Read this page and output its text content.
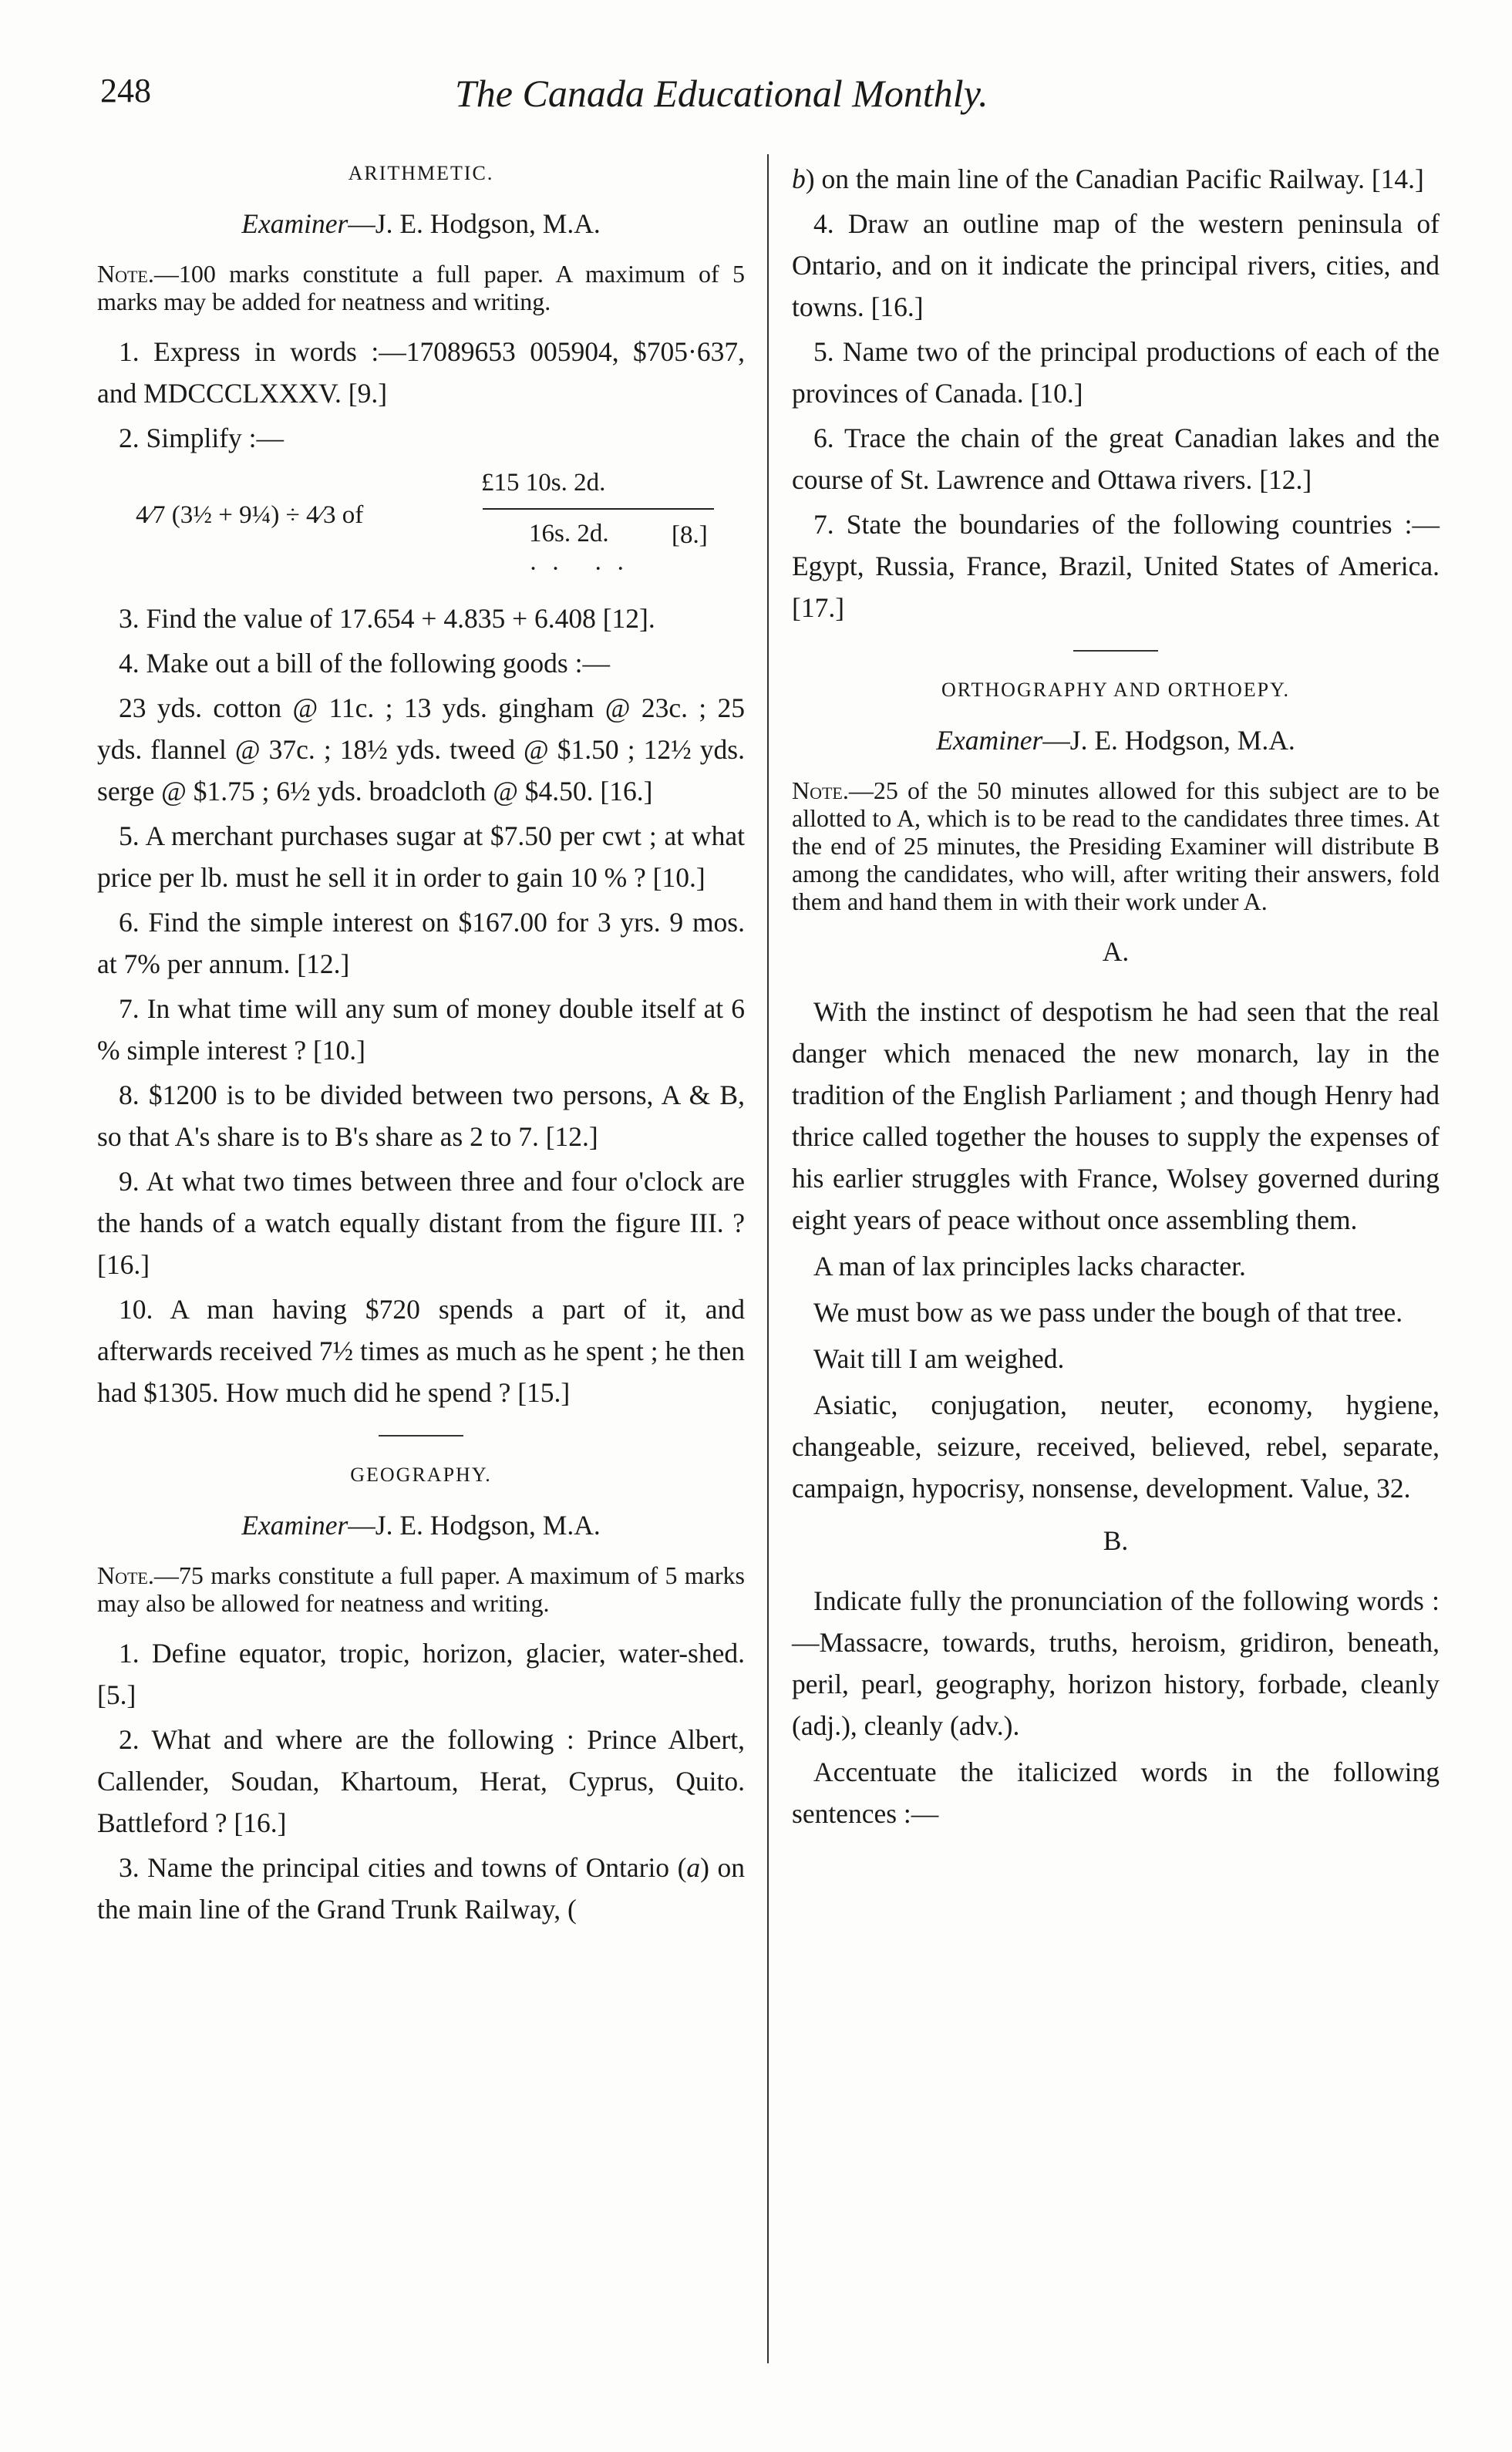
248	The Canada Educational Monthly.
ARITHMETIC.
Examiner—J. E. Hodgson, M.A.
Note.—100 marks constitute a full paper. A maximum of 5 marks may be added for neatness and writing.
1. Express in words :—17089653 005904, $705·637, and MDCCCLXXXV. [9.]
2. Simplify :—
4⁄7 (3½ + 9¼) ÷ 4⁄3 of
£15 10s. 2d.
16s. 2d. [8.]
·· ··
3. Find the value of 17.654 + 4.835 + 6.408 [12].
4. Make out a bill of the following goods :—
23 yds. cotton @ 11c. ; 13 yds. gingham @ 23c. ; 25 yds. flannel @ 37c. ; 18½ yds. tweed @ $1.50 ; 12½ yds. serge @ $1.75 ; 6½ yds. broadcloth @ $4.50. [16.]
5. A merchant purchases sugar at $7.50 per cwt ; at what price per lb. must he sell it in order to gain 10 % ? [10.]
6. Find the simple interest on $167.00 for 3 yrs. 9 mos. at 7% per annum. [12.]
7. In what time will any sum of money double itself at 6 % simple interest ? [10.]
8. $1200 is to be divided between two persons, A & B, so that A's share is to B's share as 2 to 7. [12.]
9. At what two times between three and four o'clock are the hands of a watch equally distant from the figure III. ? [16.]
10. A man having $720 spends a part of it, and afterwards received 7½ times as much as he spent ; he then had $1305. How much did he spend ? [15.]
GEOGRAPHY.
Examiner—J. E. Hodgson, M.A.
Note.—75 marks constitute a full paper. A maximum of 5 marks may also be allowed for neatness and writing.
1. Define equator, tropic, horizon, glacier, water-shed. [5.]
2. What and where are the following : Prince Albert, Callender, Soudan, Khartoum, Herat, Cyprus, Quito. Battleford ? [16.]
3. Name the principal cities and towns of Ontario (a) on the main line of the Grand Trunk Railway, (
b) on the main line of the Canadian Pacific Railway. [14.]
4. Draw an outline map of the western peninsula of Ontario, and on it indicate the principal rivers, cities, and towns. [16.]
5. Name two of the principal productions of each of the provinces of Canada. [10.]
6. Trace the chain of the great Canadian lakes and the course of St. Lawrence and Ottawa rivers. [12.]
7. State the boundaries of the following countries :—Egypt, Russia, France, Brazil, United States of America. [17.]
ORTHOGRAPHY AND ORTHOEPY.
Examiner—J. E. Hodgson, M.A.
Note.—25 of the 50 minutes allowed for this subject are to be allotted to A, which is to be read to the candidates three times. At the end of 25 minutes, the Presiding Examiner will distribute B among the candidates, who will, after writing their answers, fold them and hand them in with their work under A.
A.
With the instinct of despotism he had seen that the real danger which menaced the new monarch, lay in the tradition of the English Parliament ; and though Henry had thrice called together the houses to supply the expenses of his earlier struggles with France, Wolsey governed during eight years of peace without once assembling them.
A man of lax principles lacks character.
We must bow as we pass under the bough of that tree.
Wait till I am weighed.
Asiatic, conjugation, neuter, economy, hygiene, changeable, seizure, received, believed, rebel, separate, campaign, hypocrisy, nonsense, development. Value, 32.
B.
Indicate fully the pronunciation of the following words :—Massacre, towards, truths, heroism, gridiron, beneath, peril, pearl, geography, horizon history, forbade, cleanly (adj.), cleanly (adv.).
Accentuate the italicized words in the following sentences :—
